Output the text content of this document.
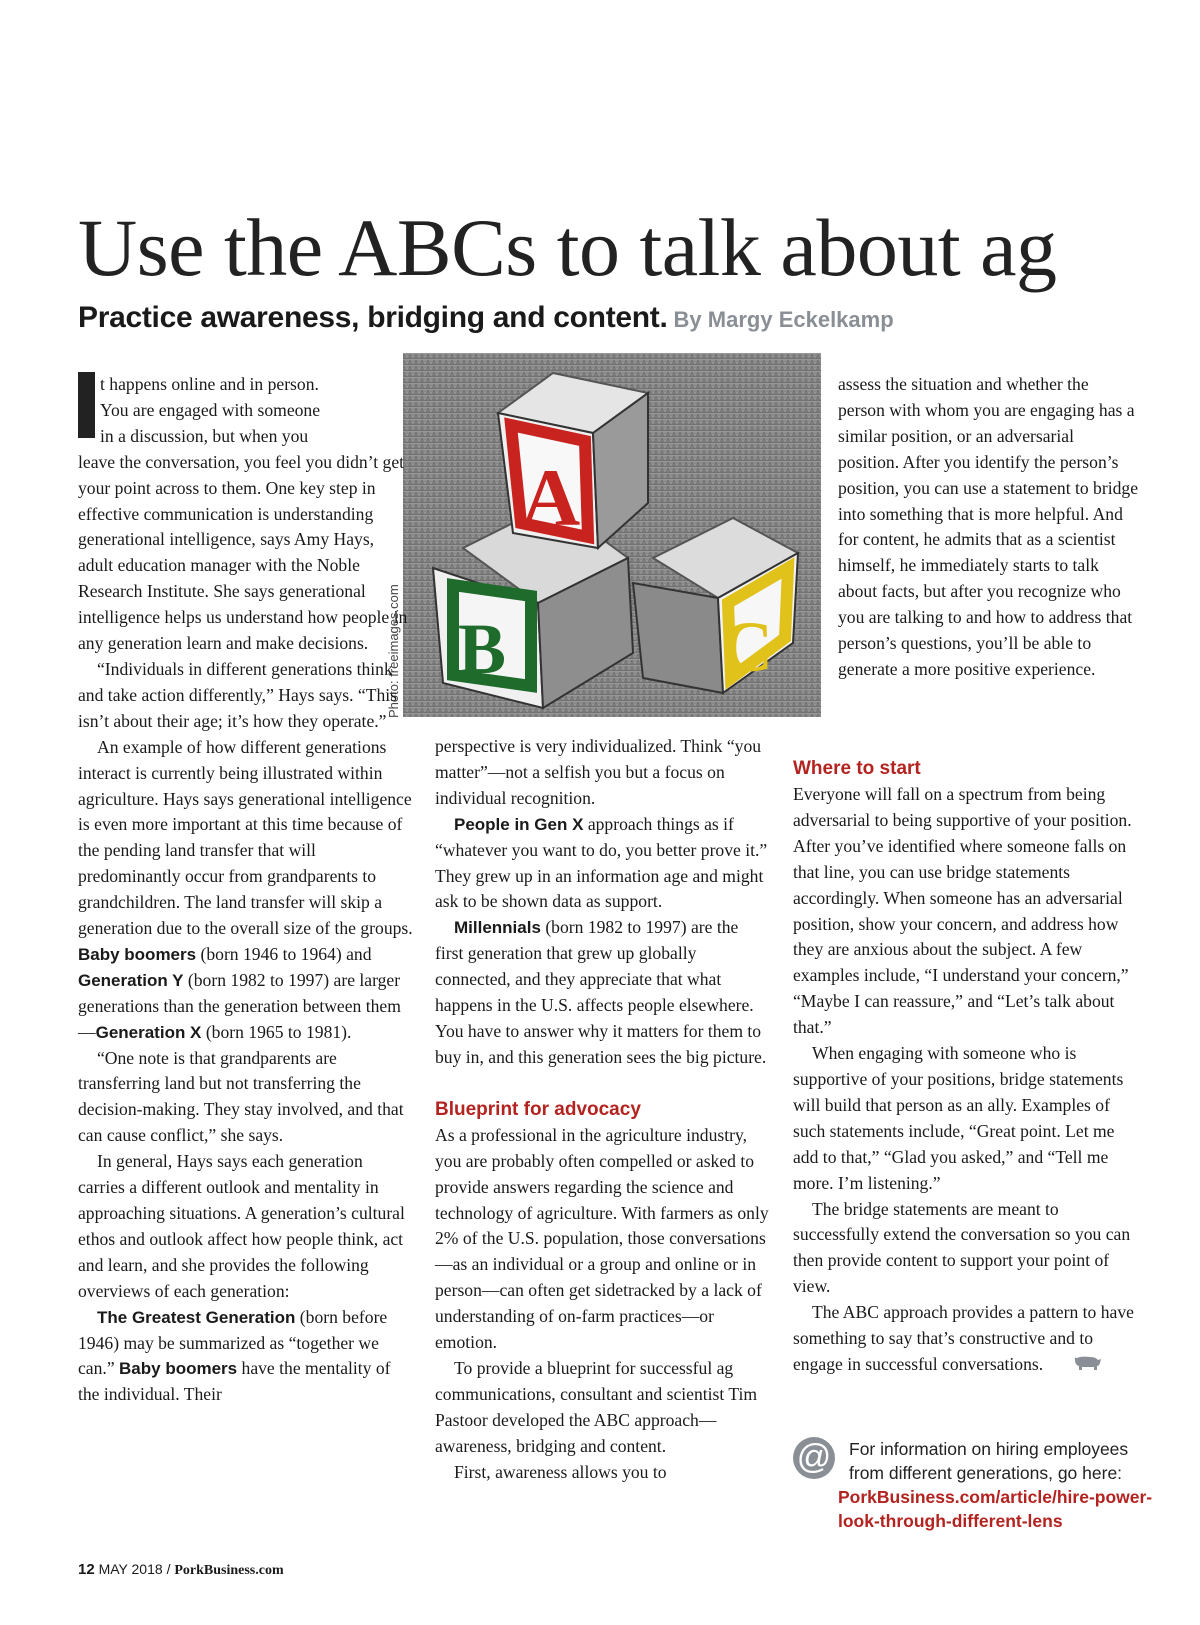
Use the ABCs to talk about ag
Practice awareness, bridging and content. By Margy Eckelkamp
B	C
A
Photo: freeimages.com

t happens online and in person.
You are engaged with someone
in a discussion, but when you
leave the conversation, you feel you didn’t get your point across to them. One key step in effective communication is understanding generational intelligence, says Amy Hays, adult education manager with the Noble Research Institute. She says generational intelligence helps us understand how people in any generation learn and make decisions.

“Individuals in different generations think and take action differently,” Hays says. “This isn’t about their age; it’s how they operate.”

An example of how different generations interact is currently being illustrated within agriculture. Hays says generational intelligence is even more important at this time because of the pending land transfer that will predominantly occur from grandparents to grandchildren. The land transfer will skip a generation due to the overall size of the groups. Baby boomers (born 1946 to 1964) and Generation Y (born 1982 to 1997) are larger generations than the generation between them—Generation X (born 1965 to 1981).

“One note is that grandparents are transferring land but not transferring the decision-making. They stay involved, and that can cause conflict,” she says.

In general, Hays says each generation carries a different outlook and mentality in approaching situations. A generation’s cultural ethos and outlook affect how people think, act and learn, and she provides the following overviews of each generation:

The Greatest Generation (born before 1946) may be summarized as “together we can.” Baby boomers have the mentality of the individual. Their

perspective is very individualized. Think “you matter”—not a selfish you but a focus on individual recognition.

People in Gen X approach things as if “whatever you want to do, you better prove it.” They grew up in an information age and might ask to be shown data as support.

Millennials (born 1982 to 1997) are the first generation that grew up globally connected, and they appreciate that what happens in the U.S. affects people elsewhere. You have to answer why it matters for them to buy in, and this generation sees the big picture.

Blueprint for advocacy

As a professional in the agriculture industry, you are probably often compelled or asked to provide answers regarding the science and technology of agriculture. With farmers as only 2% of the U.S. population, those conversations—as an individual or a group and online or in person—can often get sidetracked by a lack of understanding of on-farm practices—or emotion.

To provide a blueprint for successful ag communications, consultant and scientist Tim Pastoor developed the ABC approach—awareness, bridging and content.

First, awareness allows you to

assess the situation and whether the person with whom you are engaging has a similar position, or an adversarial position. After you identify the person’s position, you can use a statement to bridge into something that is more helpful. And for content, he admits that as a scientist himself, he immediately starts to talk about facts, but after you recognize who you are talking to and how to address that person’s questions, you’ll be able to generate a more positive experience.

Where to start

Everyone will fall on a spectrum from being adversarial to being supportive of your position. After you’ve identified where someone falls on that line, you can use bridge statements accordingly. When someone has an adversarial position, show your concern, and address how they are anxious about the subject. A few examples include, “I understand your concern,” “Maybe I can reassure,” and “Let’s talk about that.”

When engaging with someone who is supportive of your positions, bridge statements will build that person as an ally. Examples of such statements include, “Great point. Let me add to that,” “Glad you asked,” and “Tell me more. I’m listening.”

The bridge statements are meant to successfully extend the conversation so you can then provide content to support your point of view.

The ABC approach provides a pattern to have something to say that’s constructive and to engage in successful conversations.

@	For information on hiring employees from different generations, go here:
PorkBusiness.com/article/hire-power-look-through-different-lens
12 MAY 2018 / PorkBusiness.com
